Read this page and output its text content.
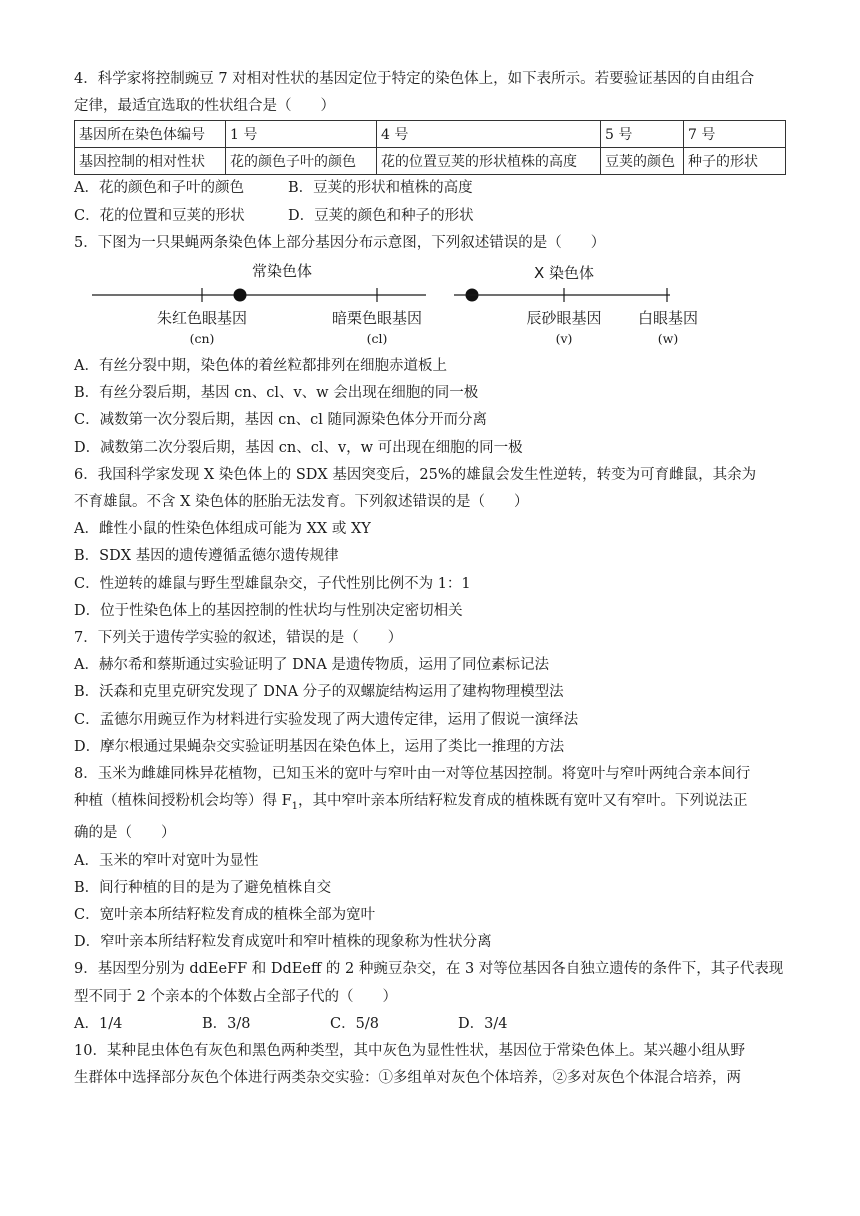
4．科学家将控制豌豆 7 对相对性状的基因定位于特定的染色体上，如下表所示。若要验证基因的自由组合
定律，最适宜选取的性状组合是（　　）
基因所在染色体编号	1 号	4 号	5 号	7 号
基因控制的相对性状	花的颜色子叶的颜色	花的位置豆荚的形状植株的高度	豆荚的颜色	种子的形状
A．花的颜色和子叶的颜色	B．豆荚的形状和植株的高度
C．花的位置和豆荚的形状	D．豆荚的颜色和种子的形状
5．下图为一只果蝇两条染色体上部分基因分布示意图，下列叙述错误的是（　　）
常染色体
朱红色眼基因
(cn)
暗栗色眼基因
(cl)
X 染色体
辰砂眼基因
(v)
白眼基因
(w)
A．有丝分裂中期，染色体的着丝粒都排列在细胞赤道板上
B．有丝分裂后期，基因 cn、cl、v、w 会出现在细胞的同一极
C．减数第一次分裂后期，基因 cn、cl 随同源染色体分开而分离
D．减数第二次分裂后期，基因 cn、cl、v，w 可出现在细胞的同一极
6．我国科学家发现 X 染色体上的 SDX 基因突变后，25%的雄鼠会发生性逆转，转变为可育雌鼠，其余为
不育雄鼠。不含 X 染色体的胚胎无法发育。下列叙述错误的是（　　）
A．雌性小鼠的性染色体组成可能为 XX 或 XY
B．SDX 基因的遗传遵循孟德尔遗传规律
C．性逆转的雄鼠与野生型雄鼠杂交，子代性别比例不为 1：1
D．位于性染色体上的基因控制的性状均与性别决定密切相关
7．下列关于遗传学实验的叙述，错误的是（　　）
A．赫尔希和蔡斯通过实验证明了 DNA 是遗传物质，运用了同位素标记法
B．沃森和克里克研究发现了 DNA 分子的双螺旋结构运用了建构物理模型法
C．孟德尔用豌豆作为材料进行实验发现了两大遗传定律，运用了假说一演绎法
D．摩尔根通过果蝇杂交实验证明基因在染色体上，运用了类比一推理的方法
8．玉米为雌雄同株异花植物，已知玉米的宽叶与窄叶由一对等位基因控制。将宽叶与窄叶两纯合亲本间行
种植（植株间授粉机会均等）得 $F_1$，其中窄叶亲本所结籽粒发育成的植株既有宽叶又有窄叶。下列说法正
确的是（　　）
A．玉米的窄叶对宽叶为显性
B．间行种植的目的是为了避免植株自交
C．宽叶亲本所结籽粒发育成的植株全部为宽叶
D．窄叶亲本所结籽粒发育成宽叶和窄叶植株的现象称为性状分离
9．基因型分别为 ddEeFF 和 DdEeff 的 2 种豌豆杂交，在 3 对等位基因各自独立遗传的条件下，其子代表现
型不同于 2 个亲本的个体数占全部子代的（　　）
A．1/4	B．3/8	C．5/8	D．3/4
10．某种昆虫体色有灰色和黑色两种类型，其中灰色为显性性状，基因位于常染色体上。某兴趣小组从野
生群体中选择部分灰色个体进行两类杂交实验：①多组单对灰色个体培养，②多对灰色个体混合培养，两
